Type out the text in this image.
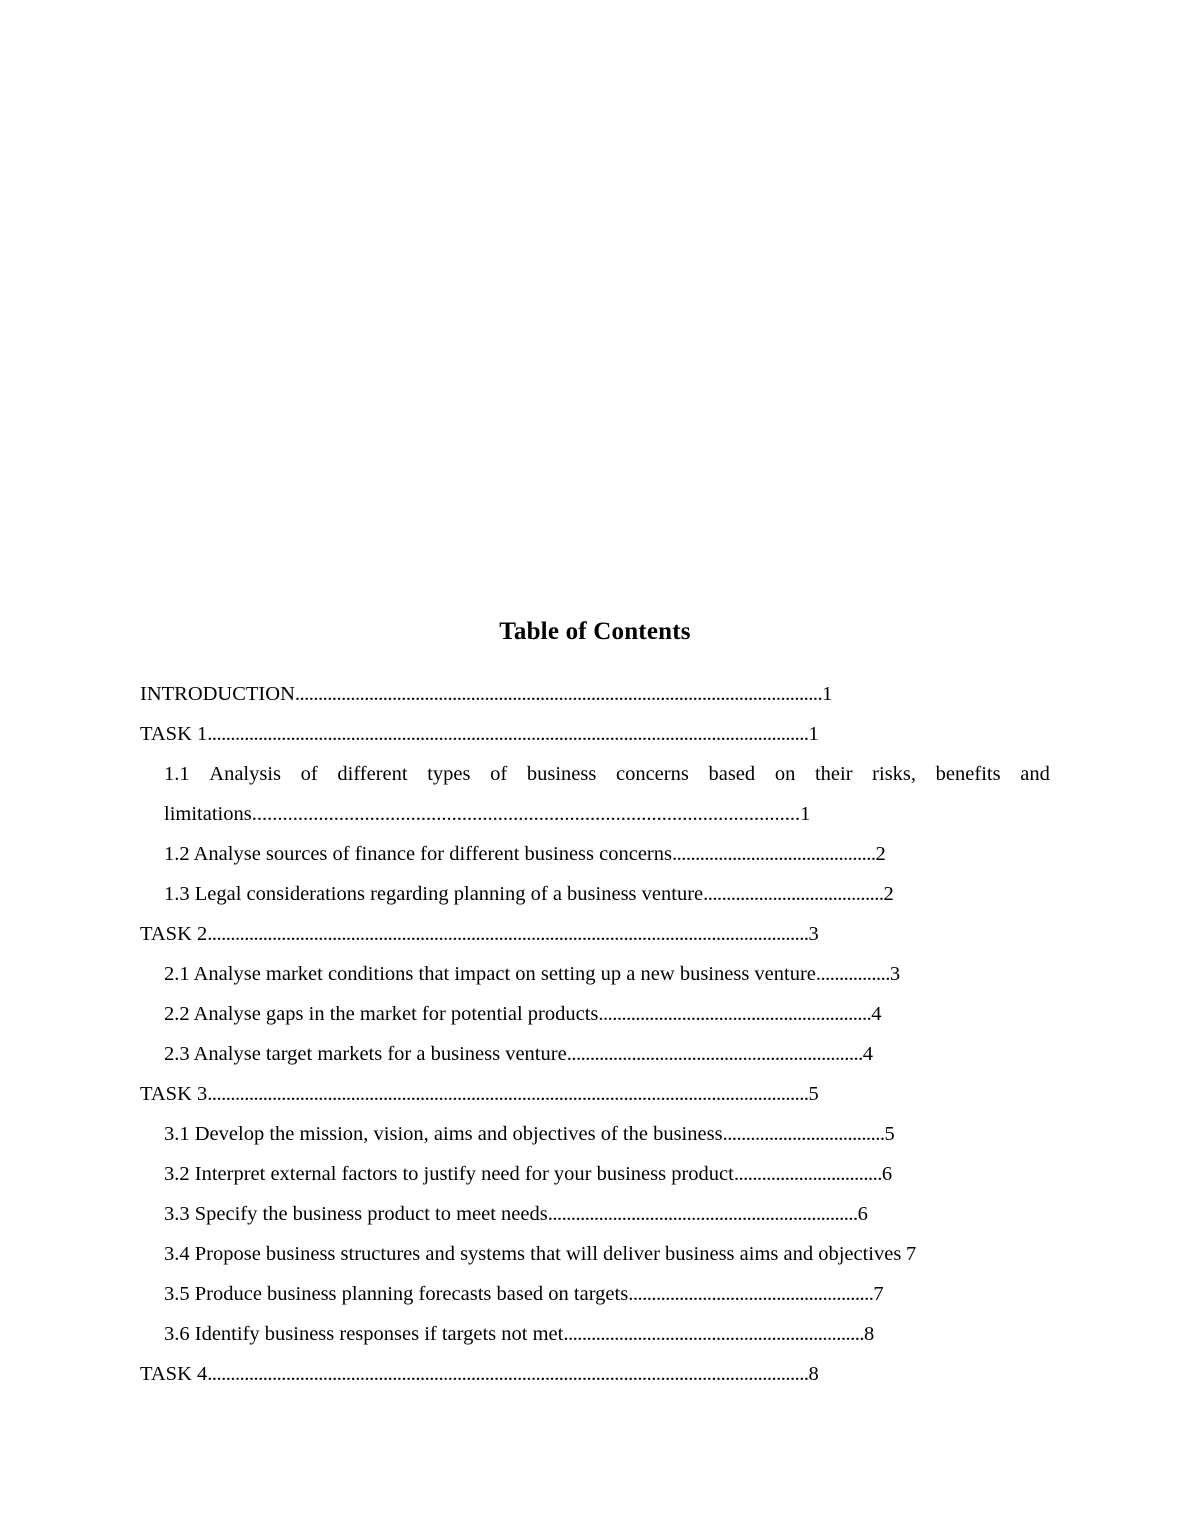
Table of Contents
INTRODUCTION..................................................................................................................1
TASK 1..................................................................................................................................1
1.1 Analysis of different types of business concerns based on their risks, benefits and
limitations...........................................................................................................1
1.2 Analyse sources of finance for different business concerns............................................2
1.3 Legal considerations regarding planning of a business venture.......................................2
TASK 2..................................................................................................................................3
2.1 Analyse market conditions that impact on setting up a new business venture................3
2.2 Analyse gaps in the market for potential products...........................................................4
2.3 Analyse target markets for a business venture................................................................4
TASK 3..................................................................................................................................5
3.1 Develop the mission, vision, aims and objectives of the business...................................5
3.2 Interpret external factors to justify need for your business product................................6
3.3 Specify the business product to meet needs...................................................................6
3.4 Propose business structures and systems that will deliver business aims and objectives 7
3.5 Produce business planning forecasts based on targets.....................................................7
3.6 Identify business responses if targets not met.................................................................8
TASK 4..................................................................................................................................8
